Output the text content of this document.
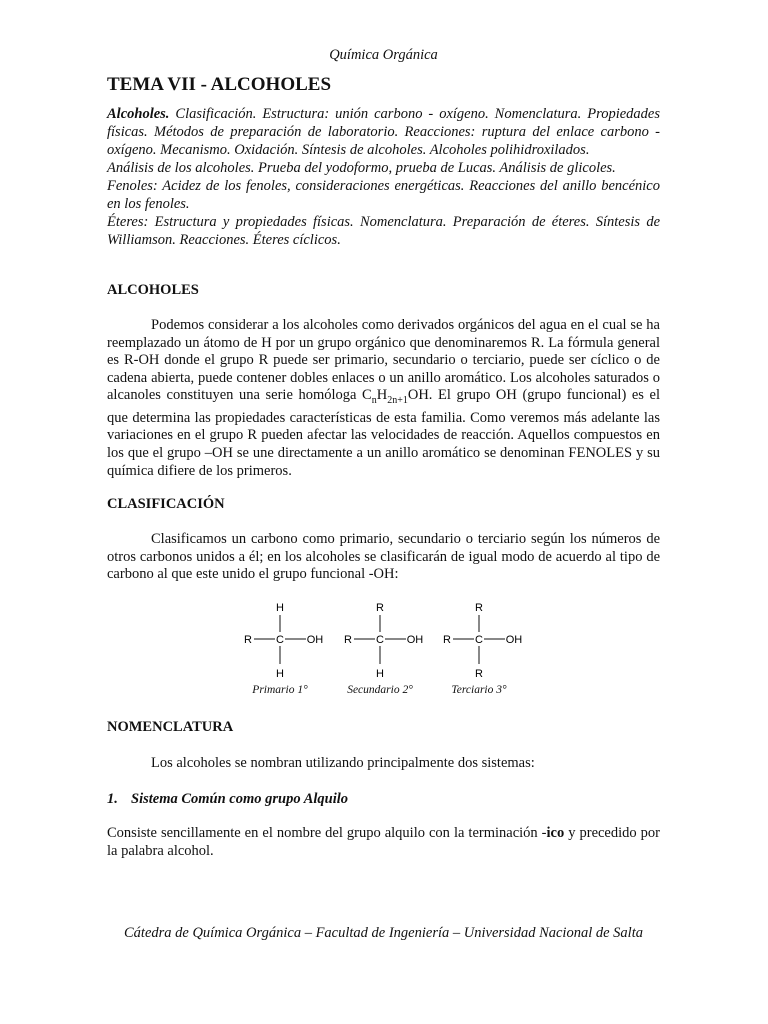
Química Orgánica
TEMA VII - ALCOHOLES

Alcoholes. Clasificación. Estructura: unión carbono - oxígeno. Nomenclatura. Propiedades físicas. Métodos de preparación de laboratorio. Reacciones: ruptura del enlace carbono - oxígeno. Mecanismo. Oxidación. Síntesis de alcoholes. Alcoholes polihidroxilados.

Análisis de los alcoholes. Prueba del yodoformo, prueba de Lucas. Análisis de glicoles.

Fenoles: Acidez de los fenoles, consideraciones energéticas. Reacciones del anillo bencénico en los fenoles.

Éteres: Estructura y propiedades físicas. Nomenclatura. Preparación de éteres. Síntesis de Williamson. Reacciones. Éteres cíclicos.

ALCOHOLES

Podemos considerar a los alcoholes como derivados orgánicos del agua en el cual se ha reemplazado un átomo de H por un grupo orgánico que denominaremos R. La fórmula general es R-OH donde el grupo R puede ser primario, secundario o terciario, puede ser cíclico o de cadena abierta, puede contener dobles enlaces o un anillo aromático. Los alcoholes saturados o alcanoles constituyen una serie homóloga $C_nH_{2n+1}OH$. El grupo OH (grupo funcional) es el que determina las propiedades características de esta familia. Como veremos más adelante las variaciones en el grupo R pueden afectar las velocidades de reacción. Aquellos compuestos en los que el grupo –OH se une directamente a un anillo aromático se denominan FENOLES y su química difiere de los primeros.

CLASIFICACIÓN

Clasificamos un carbono como primario, secundario o terciario según los números de otros carbonos unidos a él; en los alcoholes se clasificarán de igual modo de acuerdo al tipo de carbono al que este unido el grupo funcional -OH:

H
R C OH
H
Primario 1°
R
R C OH
H
Secundario 2°
R
R C OH
R
Terciario 3°
NOMENCLATURA

Los alcoholes se nombran utilizando principalmente dos sistemas:

1. Sistema Común como grupo Alquilo

Consiste sencillamente en el nombre del grupo alquilo con la terminación -ico y precedido por la palabra alcohol.

Cátedra de Química Orgánica – Facultad de Ingeniería – Universidad Nacional de Salta
